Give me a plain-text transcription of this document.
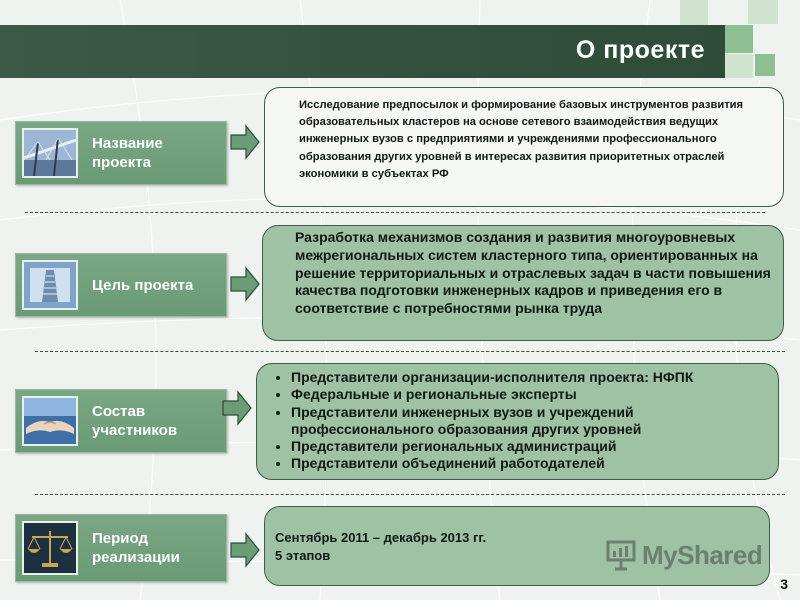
О проекте
Название проекта
Исследование предпосылок и формирование базовых инструментов развития образовательных кластеров на основе сетевого взаимодействия ведущих инженерных вузов с предприятиями и учреждениями профессионального образования других уровней в интересах развития приоритетных отраслей экономики в субъектах РФ
Цель проекта
Разработка механизмов создания и развития многоуровневых межрегиональных систем кластерного типа, ориентированных на решение территориальных и отраслевых задач в части повышения качества подготовки инженерных кадров и приведения его в соответствие с потребностями рынка труда
Состав участников
• Представители организации-исполнителя проекта: НФПК
• Федеральные и региональные эксперты
• Представители инженерных вузов и учреждений профессионального образования других уровней
• Представители региональных администраций
• Представители объединений работодателей
Период реализации
Сентябрь 2011 – декабрь 2013 гг.
5 этапов	MyShared
3
